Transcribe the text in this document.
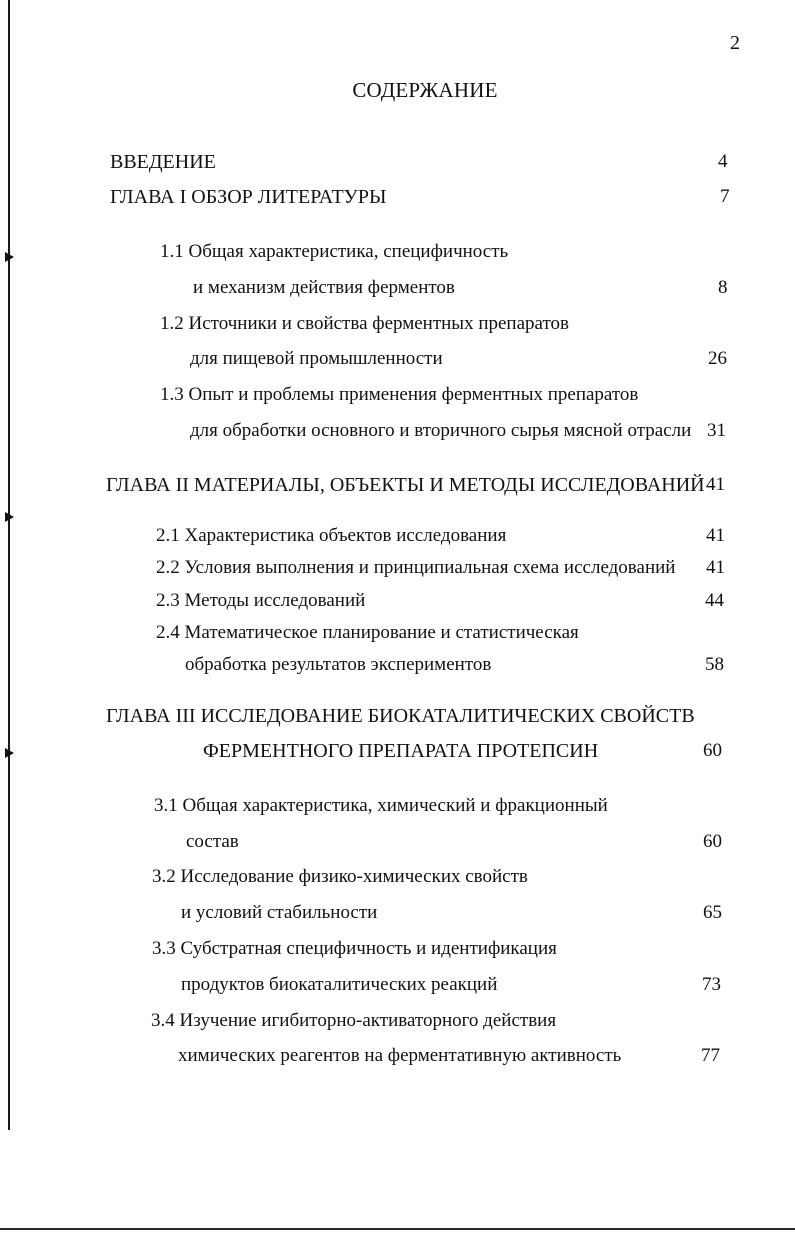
2
СОДЕРЖАНИЕ
ВВЕДЕНИЕ	4
ГЛАВА I ОБЗОР ЛИТЕРАТУРЫ	7
1.1 Общая характеристика, специфичность
и механизм действия ферментов	8
1.2 Источники и свойства ферментных препаратов
для пищевой промышленности	26
1.3 Опыт и проблемы применения ферментных препаратов
для обработки основного и вторичного сырья мясной отрасли 31
ГЛАВА II МАТЕРИАЛЫ, ОБЪЕКТЫ И МЕТОДЫ ИССЛЕДОВАНИЙ 41
2.1 Характеристика объектов исследования	41
2.2 Условия выполнения и принципиальная схема исследований 41
2.3 Методы исследований	44
2.4 Математическое планирование и статистическая
обработка результатов экспериментов	58
ГЛАВА III ИССЛЕДОВАНИЕ БИОКАТАЛИТИЧЕСКИХ СВОЙСТВ
ФЕРМЕНТНОГО ПРЕПАРАТА ПРОТЕПСИН	60
3.1 Общая характеристика, химический и фракционный
состав	60
3.2 Исследование физико-химических свойств
и условий стабильности	65
3.3 Субстратная специфичность и идентификация
продуктов биокаталитических реакций	73
3.4 Изучение игибиторно-активаторного действия
химических реагентов на ферментативную активность	77
